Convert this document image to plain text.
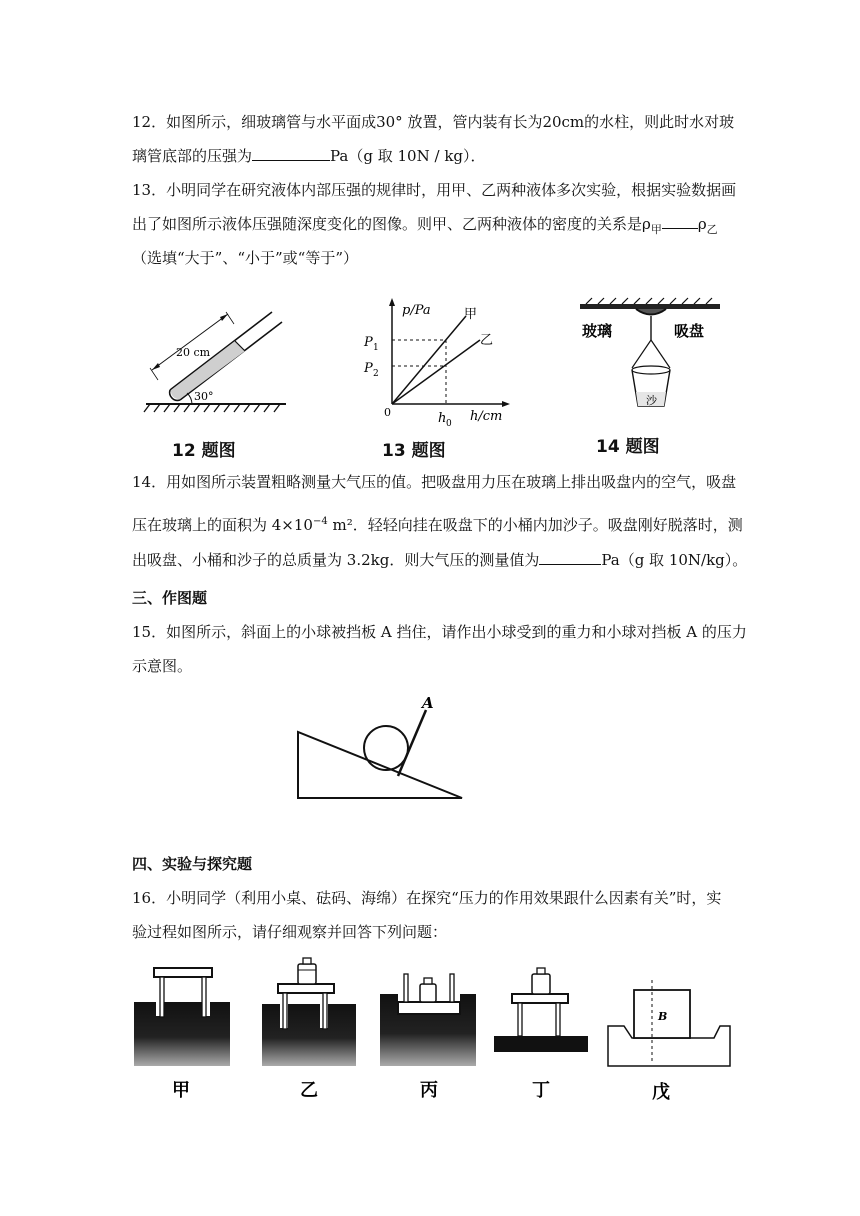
12．如图所示，细玻璃管与水平面成30° 放置，管内装有长为20cm的水柱，则此时水对玻
璃管底部的压强为	Pa（g 取 10N / kg）．
13．小明同学在研究液体内部压强的规律时，用甲、乙两种液体多次实验，根据实验数据画
出了如图所示液体压强随深度变化的图像。则甲、乙两种液体的密度的关系是$\rho_甲$ $\rho_乙$
（选填“大于”、“小于”或“等于”）
20 cm
30°
12 题图
p/Pa
h/cm
P 1
P 2
h 0
0
甲
乙
13 题图
玻璃	吸盘
沙
14 题图
14．用如图所示装置粗略测量大气压的值。把吸盘用力压在玻璃上排出吸盘内的空气，吸盘
压在玻璃上的面积为 $4\times 10^{-4}$ m²．轻轻向挂在吸盘下的小桶内加沙子。吸盘刚好脱落时，测
出吸盘、小桶和沙子的总质量为 3.2kg．则大气压的测量值为	Pa（g 取 10N/kg）。
三、作图题
15．如图所示，斜面上的小球被挡板 A 挡住，请作出小球受到的重力和小球对挡板 A 的压力
示意图。
A
四、实验与探究题
16．小明同学（利用小桌、砝码、海绵）在探究“压力的作用效果跟什么因素有关”时，实
验过程如图所示，请仔细观察并回答下列问题：
B
甲	乙	丙	丁	戊
